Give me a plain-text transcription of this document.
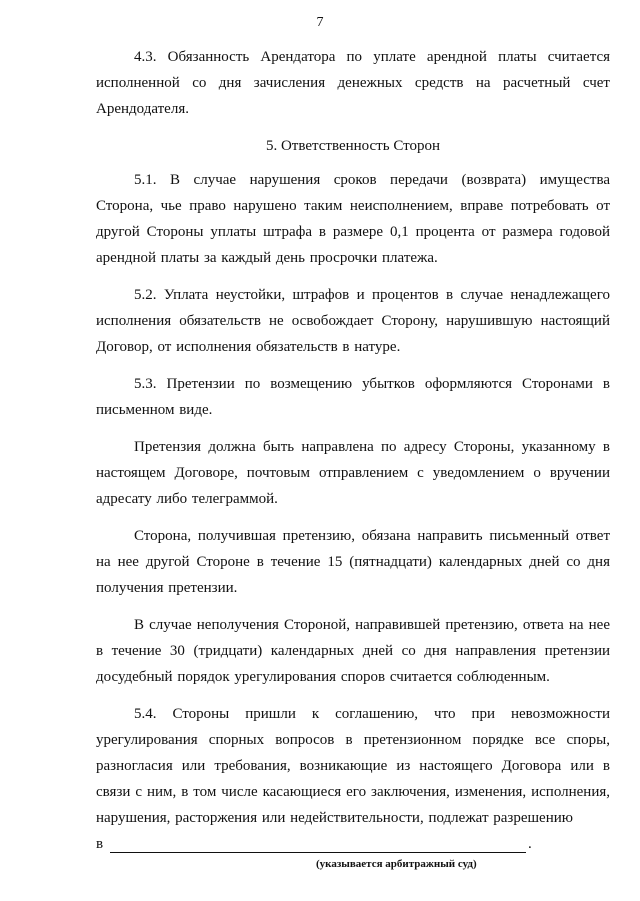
7

4.3. Обязанность Арендатора по уплате арендной платы считается исполненной со дня зачисления денежных средств на расчетный счет Арендодателя.

5. Ответственность Сторон

5.1. В случае нарушения сроков передачи (возврата) имущества Сторона, чье право нарушено таким неисполнением, вправе потребовать от другой Стороны уплаты штрафа в размере 0,1 процента от размера годовой арендной платы за каждый день просрочки платежа.

5.2. Уплата неустойки, штрафов и процентов в случае ненадлежащего исполнения обязательств не освобождает Сторону, нарушившую настоящий Договор, от исполнения обязательств в натуре.

5.3. Претензии по возмещению убытков оформляются Сторонами в письменном виде.

Претензия должна быть направлена по адресу Стороны, указанному в настоящем Договоре, почтовым отправлением с уведомлением о вручении адресату либо телеграммой.

Сторона, получившая претензию, обязана направить письменный ответ на нее другой Стороне в течение 15 (пятнадцати) календарных дней со дня получения претензии.

В случае неполучения Стороной, направившей претензию, ответа на нее в течение 30 (тридцати) календарных дней со дня направления претензии досудебный порядок урегулирования споров считается соблюденным.

5.4. Стороны пришли к соглашению, что при невозможности урегулирования спорных вопросов в претензионном порядке все споры, разногласия или требования, возникающие из настоящего Договора или в связи с ним, в том числе касающиеся его заключения, изменения, исполнения, нарушения, расторжения или недействительности, подлежат разрешению

в	.
(указывается арбитражный суд)
